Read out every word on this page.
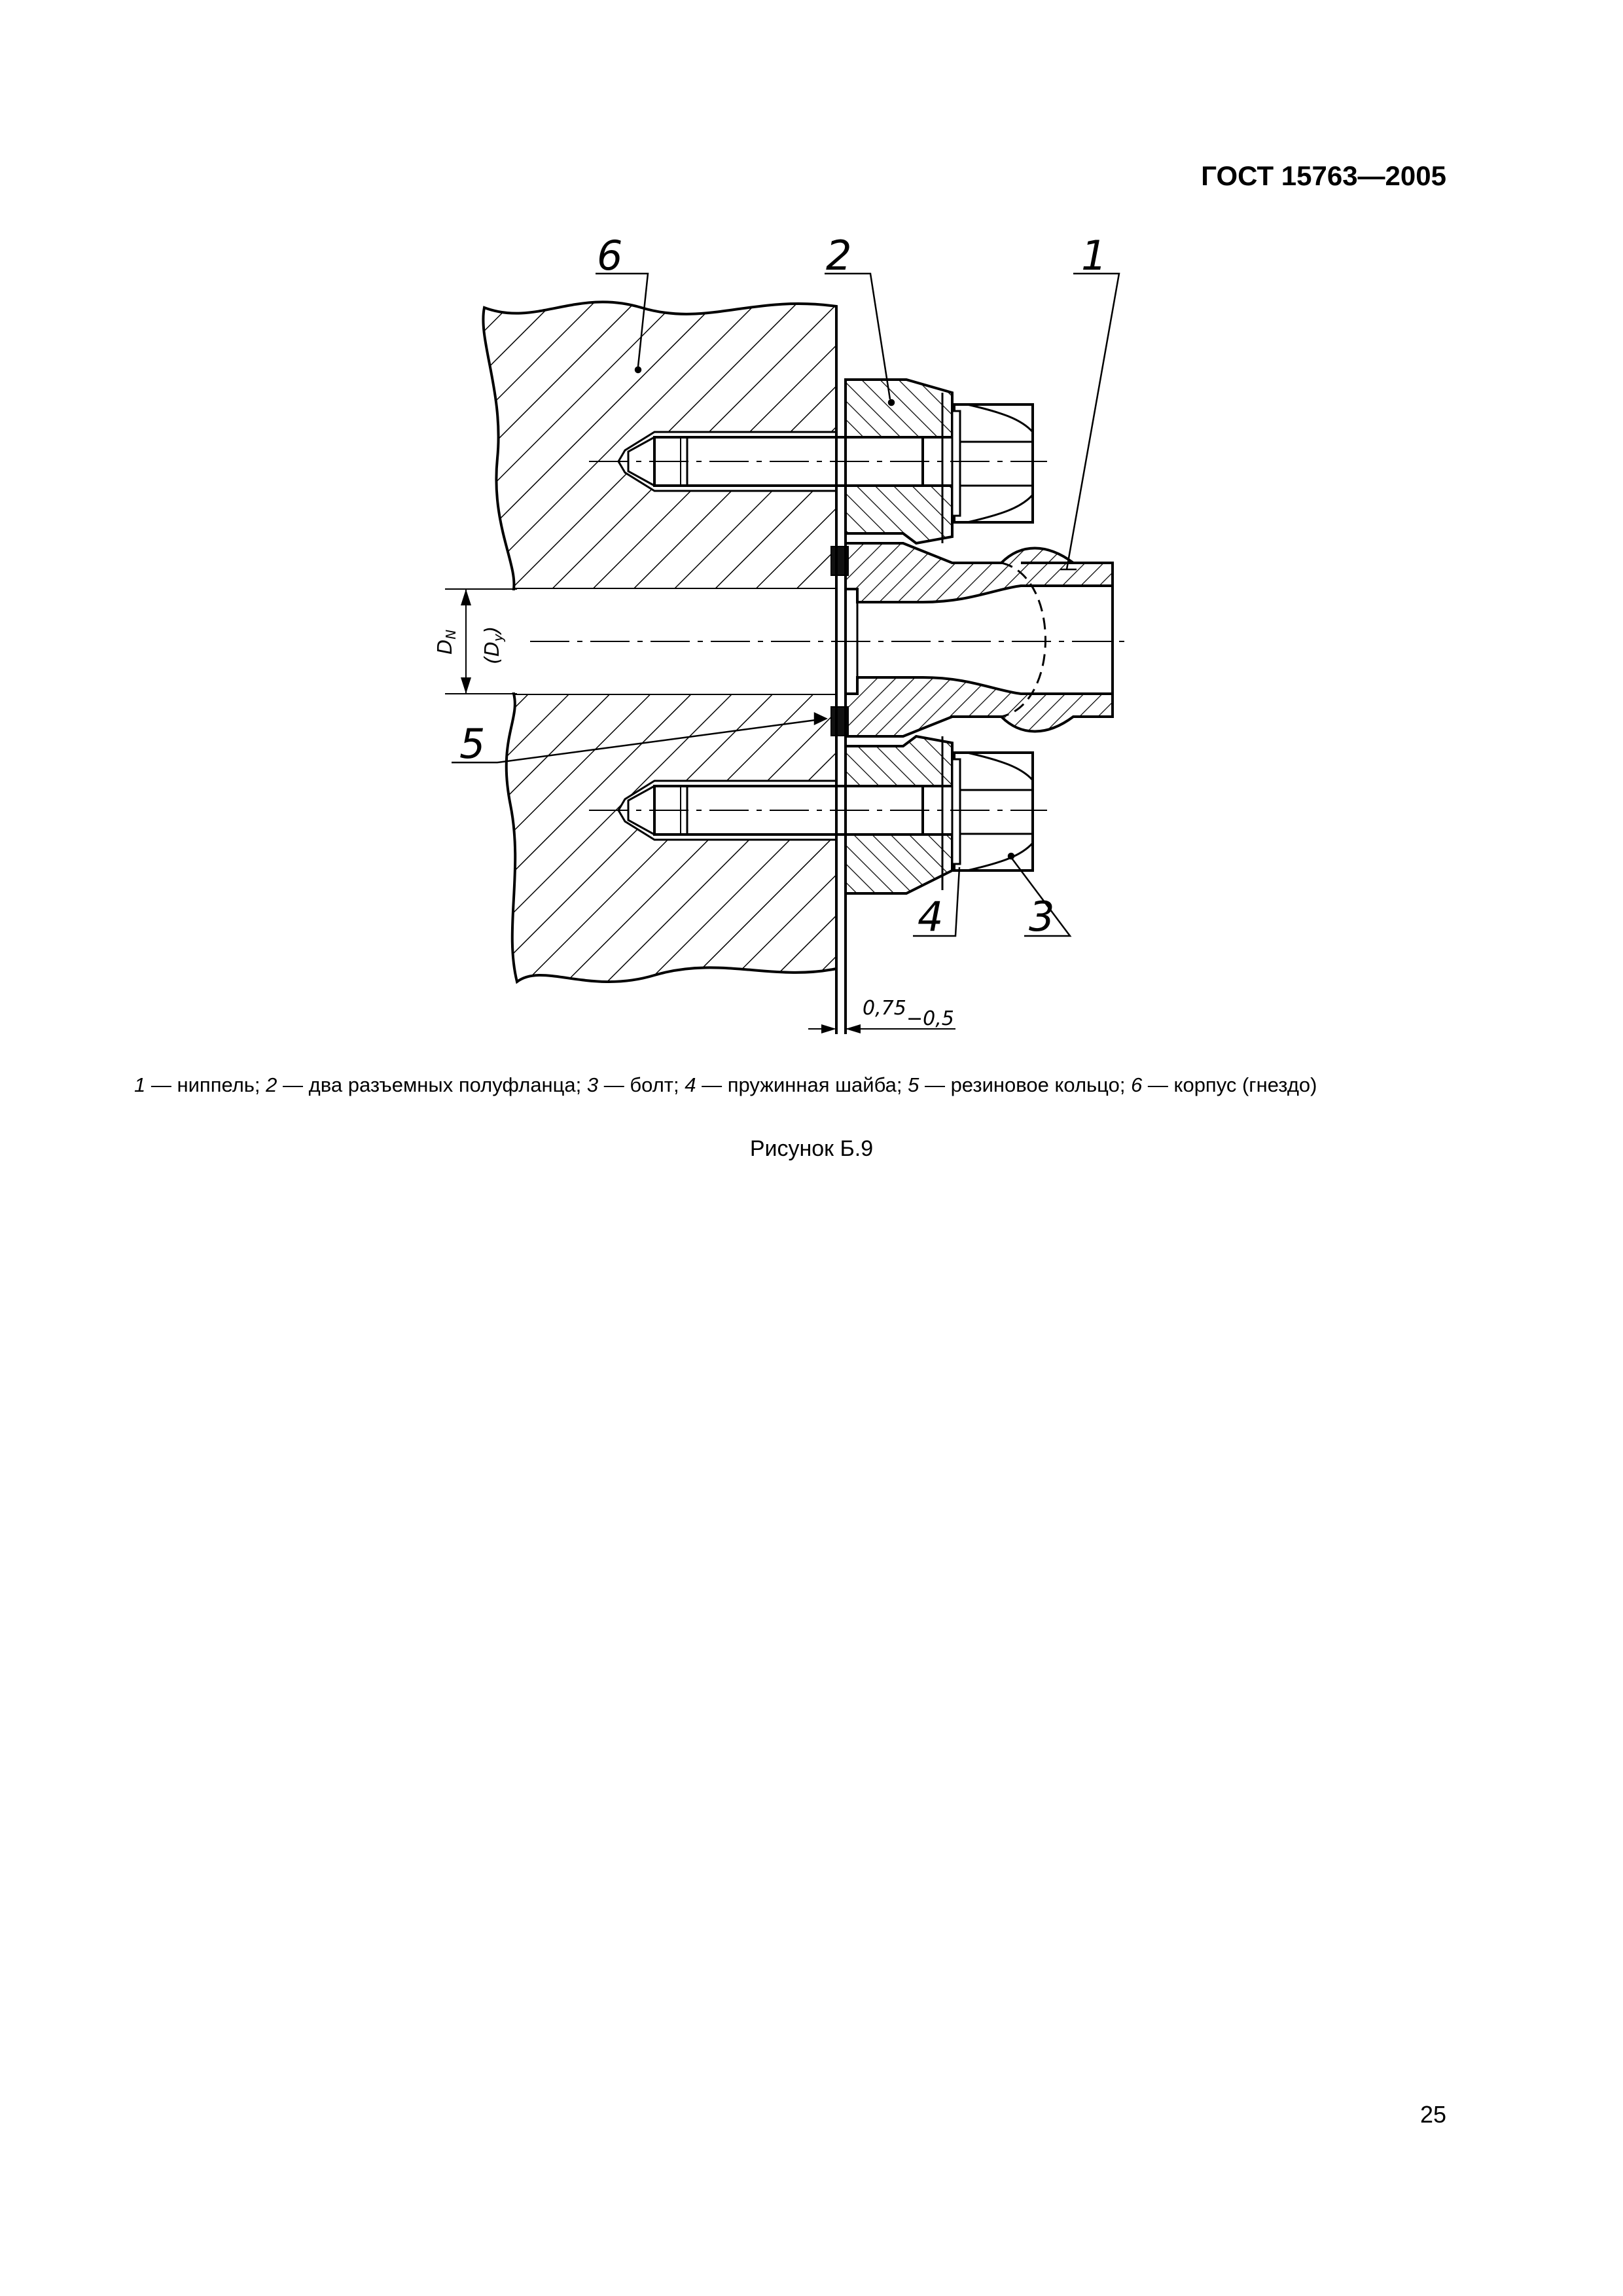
ГОСТ 15763—2005
$D_N$
$(D_y)$
0,75 −0,5
6	2	1
5
4 3
1 — ниппель; 2 — два разъемных полуфланца; 3 — болт; 4 — пружинная шайба; 5 — резиновое кольцо; 6 — корпус (гнездо)
Рисунок Б.9
25
